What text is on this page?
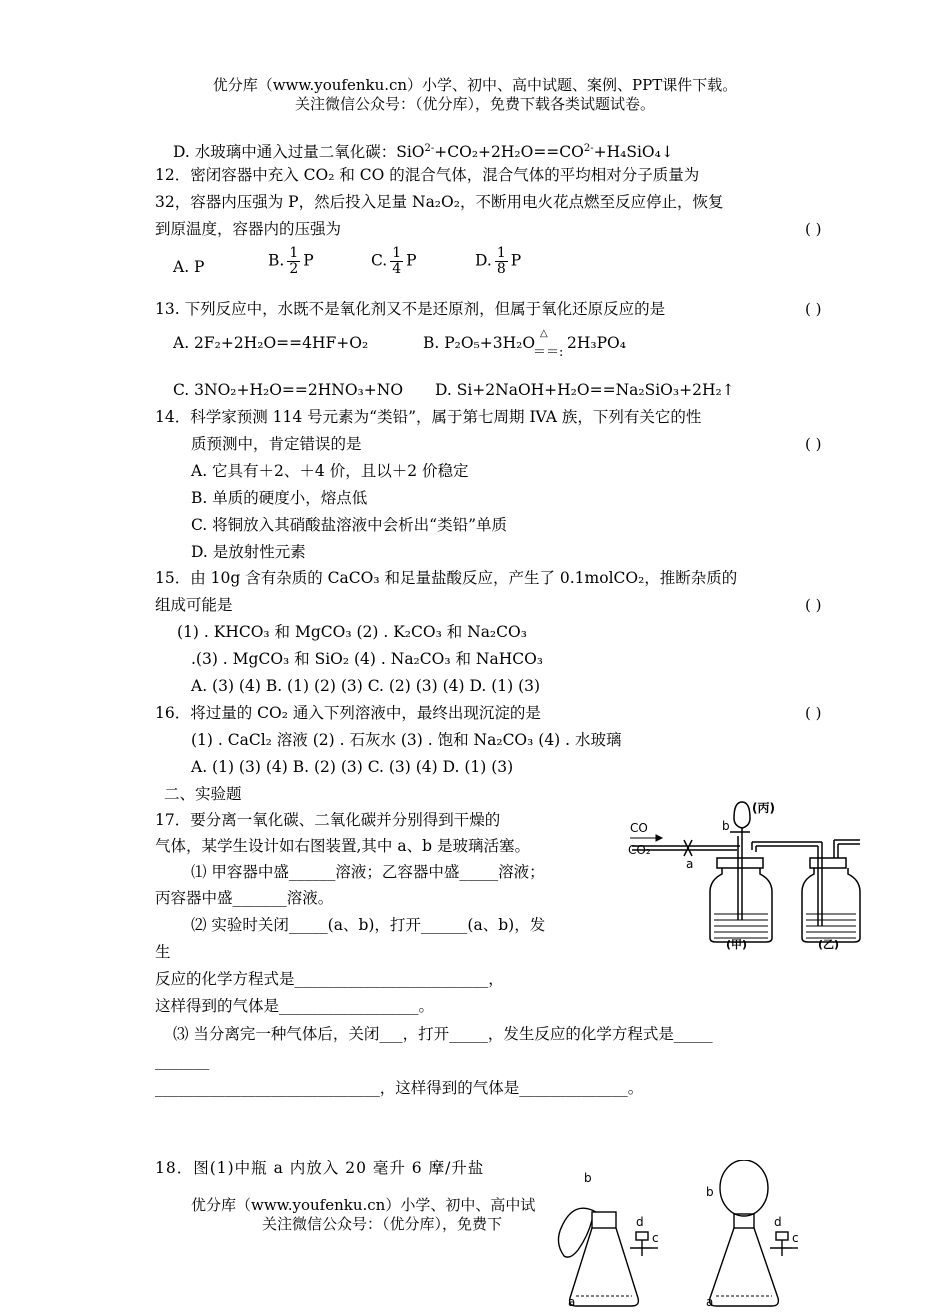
优分库（www.youfenku.cn）小学、初中、高中试题、案例、PPT课件下载。
关注微信公众号：（优分库），免费下载各类试题试卷。
D. 水玻璃中通入过量二氧化碳：$SiO^{2-}+CO_2+2H_2O==CO^{2-}+H_4SiO_4↓$
12．密闭容器中充入 CO₂ 和 CO 的混合气体，混合气体的平均相对分子质量为
32，容器内压强为 P，然后投入足量 Na₂O₂，不断用电火花点燃至反应停止，恢复
到原温度，容器内的压强为	( )
A. P	B. $\frac{1}{2}$ P	C. $\frac{1}{4}$ P	D. $\frac{1}{8}$ P
13. 下列反应中，水既不是氧化剂又不是还原剂，但属于氧化还原反应的是	( )
A. 2F₂+2H₂O==4HF+O₂	B. P₂O₅+3H₂O
△
＝＝:
2H₃PO₄
C. 3NO₂+H₂O==2HNO₃+NO D. Si+2NaOH+H₂O==Na₂SiO₃+2H₂↑
14．科学家预测 114 号元素为“类铅”，属于第七周期 IVA 族，下列有关它的性
质预测中，肯定错误的是	( )
A. 它具有＋2、＋4 价，且以＋2 价稳定
B. 单质的硬度小，熔点低
C. 将铜放入其硝酸盐溶液中会析出“类铅”单质
D. 是放射性元素
15．由 10g 含有杂质的 CaCO₃ 和足量盐酸反应，产生了 0.1molCO₂，推断杂质的
组成可能是	( )
(1) . KHCO₃ 和 MgCO₃ (2) . K₂CO₃ 和 Na₂CO₃
.(3) . MgCO₃ 和 SiO₂ (4) . Na₂CO₃ 和 NaHCO₃
A. (3) (4) B. (1) (2) (3) C. (2) (3) (4) D. (1) (3)
16．将过量的 CO₂ 通入下列溶液中，最终出现沉淀的是	( )
(1) . CaCl₂ 溶液 (2) . 石灰水 (3) . 饱和 Na₂CO₃ (4) . 水玻璃
A. (1) (3) (4) B. (2) (3) C. (3) (4) D. (1) (3)
二、实验题
17．要分离一氧化碳、二氧化碳并分别得到干燥的
气体，某学生设计如右图装置,其中 a、b 是玻璃活塞。
⑴ 甲容器中盛______溶液；乙容器中盛_____溶液；
丙容器中盛_______溶液。
⑵ 实验时关闭_____(a、b)，打开______(a、b)，发
生
反应的化学方程式是_________________________，
这样得到的气体是__________________。
⑶ 当分离完一种气体后，关闭___，打开_____，发生反应的化学方程式是_____
_______
_____________________________，这样得到的气体是______________。
CO
CO₂
a
b
(丙)
(甲)	(乙)
18．图(1)中瓶 a 内放入 20 毫升 6 摩/升盐
优分库（www.youfenku.cn）小学、初中、高中试
关注微信公众号：（优分库），免费下
b
a
d
c
b
a
d
c
